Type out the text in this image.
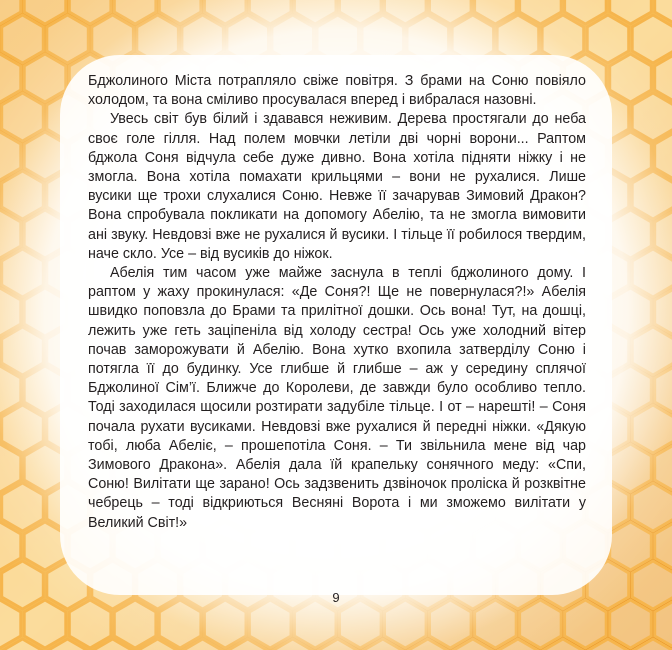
Бджолиного Міста потрапляло свіже повітря. З брами на Соню повіяло холодом, та вона сміливо просувалася вперед і вибралася назовні.

Увесь світ був білий і здавався неживим. Дерева простягали до неба своє голе гілля. Над полем мовчки летіли дві чорні ворони... Раптом бджола Соня відчула себе дуже дивно. Вона хотіла підняти ніжку і не змогла. Вона хотіла помахати крильцями – вони не рухалися. Лише вусики ще трохи слухалися Соню. Невже її зачарував Зимовий Дракон? Вона спробувала покликати на допомогу Абелію, та не змогла вимовити ані звуку. Невдовзі вже не рухалися й вусики. І тільце її робилося твердим, наче скло. Усе – від вусиків до ніжок.

Абелія тим часом уже майже заснула в теплі бджолиного дому. І раптом у жаху прокинулася: «Де Соня?! Ще не повернулася?!» Абелія швидко поповзла до Брами та прилітної дошки. Ось вона! Тут, на дошці, лежить уже геть заціпеніла від холоду сестра! Ось уже холодний вітер почав заморожувати й Абелію. Вона хутко вхопила затверділу Соню і потягла її до будинку. Усе глибше й глибше – аж у середину сплячої Бджолиної Сім’ї. Ближче до Королеви, де завжди було особливо тепло. Тоді заходилася щосили розтирати задубіле тільце. І от – нарешті! – Соня почала рухати вусиками. Невдовзі вже рухалися й передні ніжки. «Дякую тобі, люба Абеліє, – прошепотіла Соня. – Ти звільнила мене від чар Зимового Дракона». Абелія дала їй крапельку сонячного меду: «Спи, Соню! Вилітати ще зарано! Ось задзвенить дзвіночок проліска й розквітне чебрець – тоді відкриються Весняні Ворота і ми зможемо вилітати у Великий Світ!»

9
